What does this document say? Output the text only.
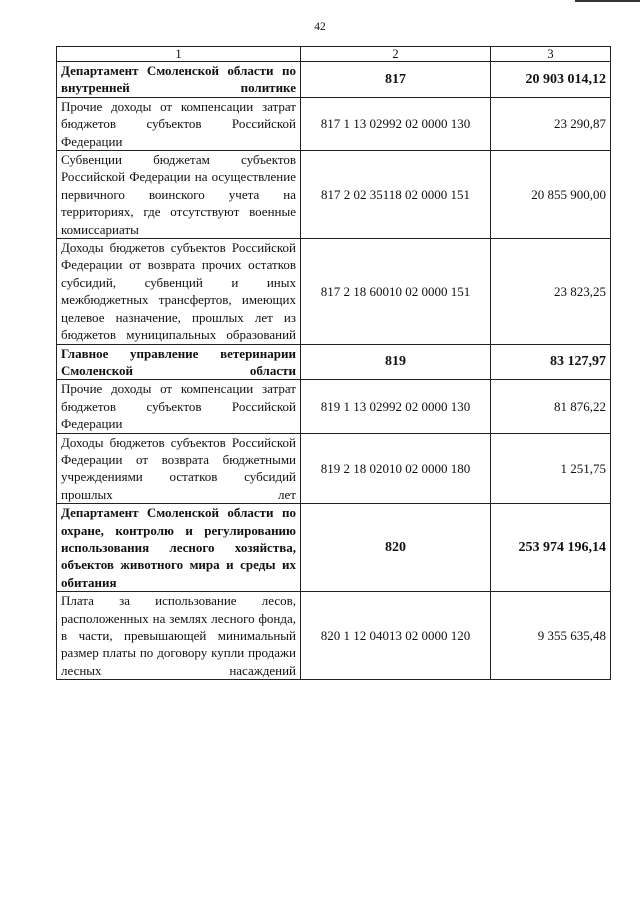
42
1	2	3
Департамент Смоленской области по внутренней политике	817	20 903 014,12
Прочие доходы от компенсации затрат бюджетов субъектов Российской Федерации	817 1 13 02992 02 0000 130	23 290,87
Субвенции бюджетам субъектов Российской Федерации на осуществление первичного воинского учета на территориях, где отсутствуют военные комиссариаты	817 2 02 35118 02 0000 151	20 855 900,00
Доходы бюджетов субъектов Российской Федерации от возврата прочих остатков субсидий, субвенций и иных межбюджетных трансфертов, имеющих целевое назначение, прошлых лет из бюджетов муниципальных образований	817 2 18 60010 02 0000 151	23 823,25
Главное управление ветеринарии Смоленской области	819	83 127,97
Прочие доходы от компенсации затрат бюджетов субъектов Российской Федерации	819 1 13 02992 02 0000 130	81 876,22
Доходы бюджетов субъектов Российской Федерации от возврата бюджетными учреждениями остатков субсидий прошлых лет	819 2 18 02010 02 0000 180	1 251,75
Департамент Смоленской области по охране, контролю и регулированию использования лесного хозяйства, объектов животного мира и среды их обитания	820	253 974 196,14
Плата за использование лесов, расположенных на землях лесного фонда, в части, превышающей минимальный размер платы по договору купли продажи лесных насаждений	820 1 12 04013 02 0000 120	9 355 635,48
